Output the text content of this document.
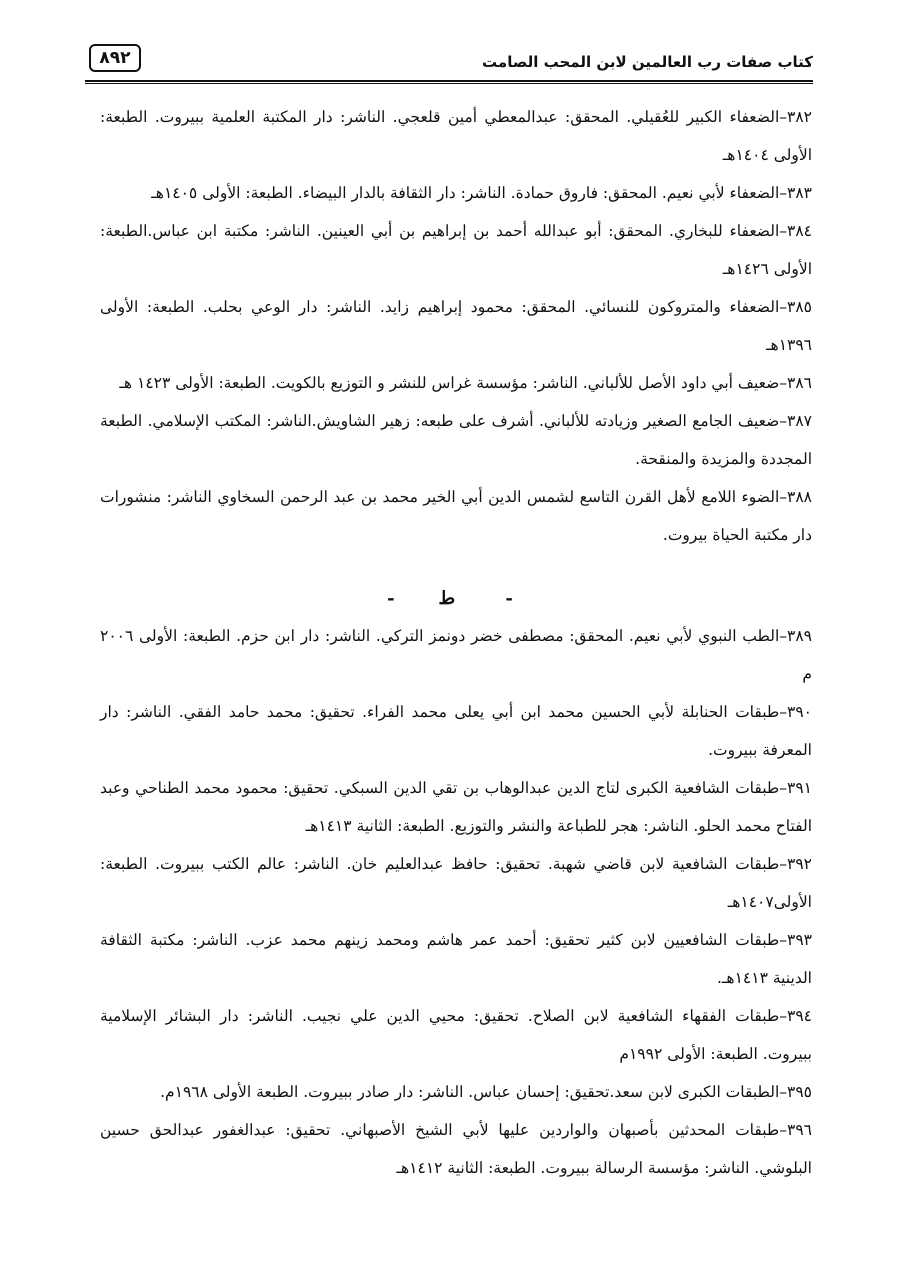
كتاب صفات رب العالمين لابن المحب الصامت
٨٩٢

٣٨٢–الضعفاء الكبير للعُقيلي. المحقق: عبدالمعطي أمين قلعجي. الناشر: دار المكتبة العلمية ببيروت. الطبعة: الأولى ١٤٠٤هـ

٣٨٣–الضعفاء لأبي نعيم. المحقق: فاروق حمادة. الناشر: دار الثقافة بالدار البيضاء. الطبعة: الأولى ١٤٠٥هـ

٣٨٤–الضعفاء للبخاري. المحقق: أبو عبدالله أحمد بن إبراهيم بن أبي العينين. الناشر: مكتبة ابن عباس.الطبعة: الأولى ١٤٢٦هـ

٣٨٥–الضعفاء والمتروكون للنسائي. المحقق: محمود إبراهيم زايد. الناشر: دار الوعي بحلب. الطبعة: الأولى ١٣٩٦هـ

٣٨٦–ضعيف أبي داود الأصل للألباني. الناشر: مؤسسة غراس للنشر و التوزيع بالكويت. الطبعة: الأولى ١٤٢٣ هـ

٣٨٧–ضعيف الجامع الصغير وزيادته للألباني. أشرف على طبعه: زهير الشاويش.الناشر: المكتب الإسلامي. الطبعة المجددة والمزيدة والمنقحة.

٣٨٨–الضوء اللامع لأهل القرن التاسع لشمس الدين أبي الخير محمد بن عبد الرحمن السخاوي الناشر: منشورات دار مكتبة الحياة بيروت.

-        ط       -

٣٨٩–الطب النبوي لأبي نعيم. المحقق: مصطفى خضر دونمز التركي. الناشر: دار ابن حزم. الطبعة: الأولى ٢٠٠٦ م

٣٩٠–طبقات الحنابلة لأبي الحسين محمد ابن أبي يعلى محمد الفراء. تحقيق: محمد حامد الفقي. الناشر: دار المعرفة ببيروت.

٣٩١–طبقات الشافعية الكبرى لتاج الدين عبدالوهاب بن تقي الدين السبكي. تحقيق: محمود محمد الطناحي وعبد الفتاح محمد الحلو. الناشر: هجر للطباعة والنشر والتوزيع. الطبعة: الثانية ١٤١٣هـ

٣٩٢–طبقات الشافعية لابن قاضي شهبة. تحقيق: حافظ عبدالعليم خان. الناشر: عالم الكتب ببيروت. الطبعة: الأولى١٤٠٧هـ

٣٩٣–طبقات الشافعيين لابن كثير تحقيق: أحمد عمر هاشم ومحمد زينهم محمد عزب. الناشر: مكتبة الثقافة الدينية ١٤١٣هـ.

٣٩٤–طبقات الفقهاء الشافعية لابن الصلاح. تحقيق: محيي الدين علي نجيب. الناشر: دار البشائر الإسلامية ببيروت. الطبعة: الأولى ١٩٩٢م

٣٩٥–الطبقات الكبرى لابن سعد.تحقيق: إحسان عباس. الناشر: دار صادر ببيروت. الطبعة الأولى ١٩٦٨م.

٣٩٦–طبقات المحدثين بأصبهان والواردين عليها لأبي الشيخ الأصبهاني. تحقيق: عبدالغفور عبدالحق حسين البلوشي. الناشر: مؤسسة الرسالة ببيروت. الطبعة: الثانية ١٤١٢هـ
